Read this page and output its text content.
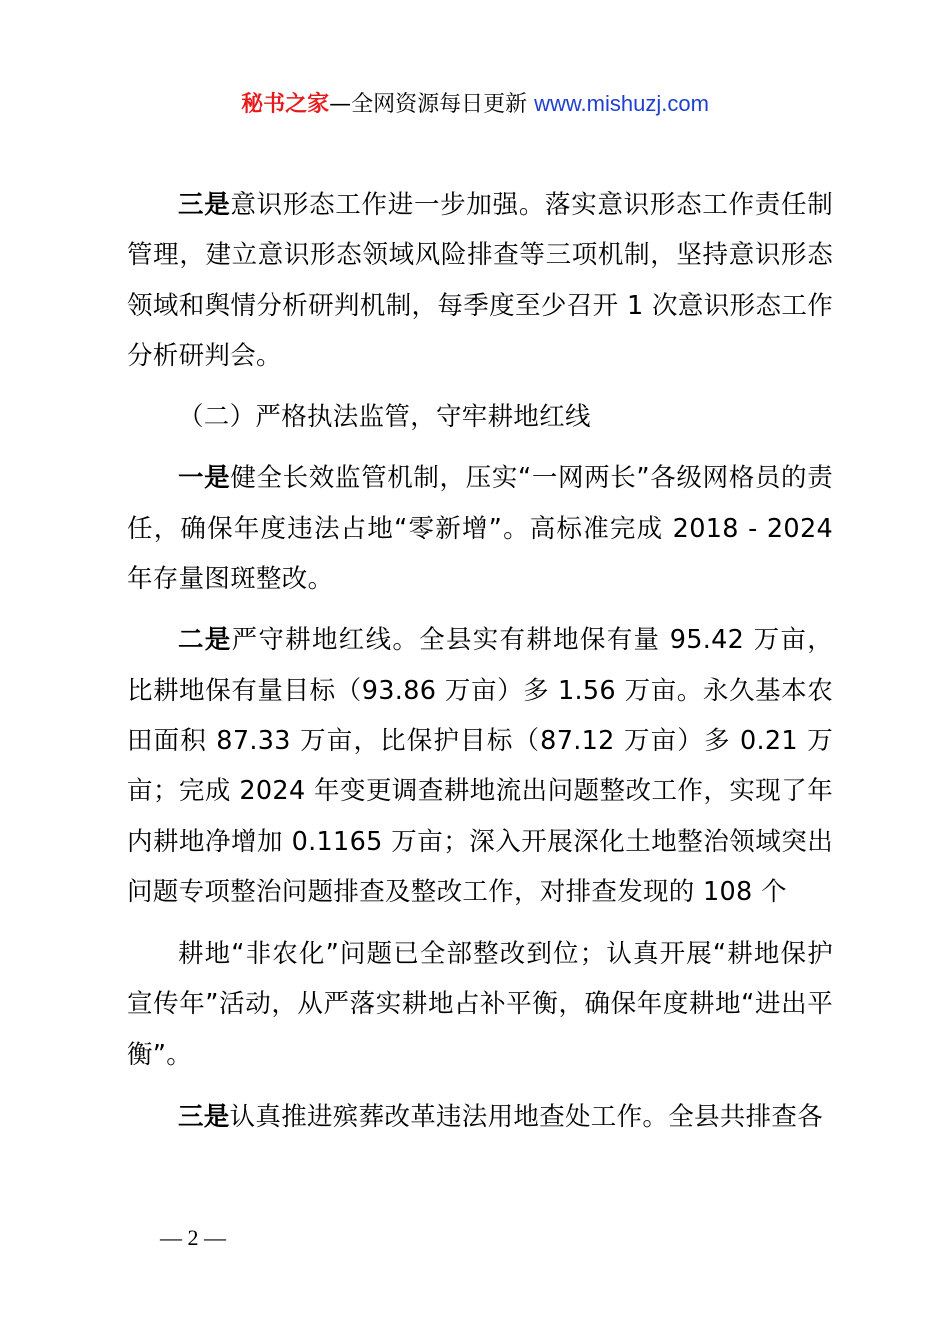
秘书之家—全网资源每日更新 www.mishuzj.com

三是意识形态工作进一步加强。落实意识形态工作责任制管理，建立意识形态领域风险排查等三项机制，坚持意识形态领域和舆情分析研判机制，每季度至少召开 1 次意识形态工作分析研判会。

（二）严格执法监管，守牢耕地红线

一是健全长效监管机制，压实“一网两长”各级网格员的责任，确保年度违法占地“零新增”。高标准完成 2018 - 2024 年存量图斑整改。

二是严守耕地红线。全县实有耕地保有量 95.42 万亩，比耕地保有量目标（93.86 万亩）多 1.56 万亩。永久基本农田面积 87.33 万亩，比保护目标（87.12 万亩）多 0.21 万亩；完成 2024 年变更调查耕地流出问题整改工作，实现了年内耕地净增加 0.1165 万亩；深入开展深化土地整治领域突出问题专项整治问题排查及整改工作，对排查发现的 108 个

耕地“非农化”问题已全部整改到位；认真开展“耕地保护宣传年”活动，从严落实耕地占补平衡，确保年度耕地“进出平衡”。

三是认真推进殡葬改革违法用地查处工作。全县共排查各

— 2 —
